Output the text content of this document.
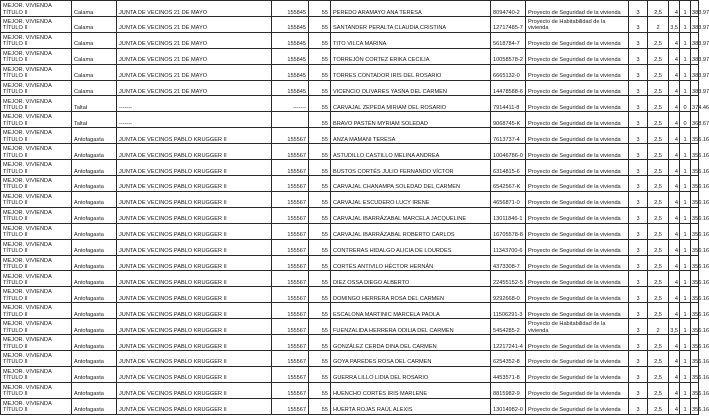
MEJOR. VIVIENDA TÍTULO II	Calama	JUNTA DE VECINOS 21 DE MAYO	155845	55	PEREDO ARAMAYO ANA TERESA	8094740-2	Proyecto de Seguridad de la vivienda	3	2,5	4	1	383.97
MEJOR. VIVIENDA TÍTULO II	Calama	JUNTA DE VECINOS 21 DE MAYO	155845	55	SANTANDER PERALTA CLAUDIA CRISTINA	12717485-7	Proyecto de Habitabilidad de la vivienda	3	2	3,5	1	383.97
MEJOR. VIVIENDA TÍTULO II	Calama	JUNTA DE VECINOS 21 DE MAYO	155845	55	TITO VILCA MARINA	5618784-7	Proyecto de Seguridad de la vivienda	3	2,5	4	1	383.97
MEJOR. VIVIENDA TÍTULO II	Calama	JUNTA DE VECINOS 21 DE MAYO	155845	55	TORREJÓN CORTEZ ERIKA CECILIA	10058578-2	Proyecto de Seguridad de la vivienda	3	2,5	4	1	383.97
MEJOR. VIVIENDA TÍTULO II	Calama	JUNTA DE VECINOS 21 DE MAYO	155845	55	TORRES CONTADOR IRIS DEL ROSARIO	6665132-0	Proyecto de Seguridad de la vivienda	3	2,5	4	1	383.97
MEJOR. VIVIENDA TÍTULO II	Calama	JUNTA DE VECINOS 21 DE MAYO	155845	55	VICENCIO OLIVARES YASNA DEL CARMEN	14478588-6	Proyecto de Seguridad de la vivienda	3	2,5	4	1	383.97
MEJOR. VIVIENDA TÍTULO II	Taltal	-------	-------	55	CARVAJAL ZEPEDA MIRIAM DEL ROSARIO	7914411-8	Proyecto de Seguridad de la vivienda	3	2,5	4	0	374.46
MEJOR. VIVIENDA TÍTULO II	Taltal	-------		55	BRAVO PASTÉN MYRIAM SOLEDAD	9068745-K	Proyecto de Seguridad de la vivienda	3	2,5	4	0	368.67
MEJOR. VIVIENDA TÍTULO II	Antofagasta	JUNTA DE VECINOS PABLO KRUGGER II	155567	55	ANZA MAMANI TERESA	7613737-4	Proyecto de Seguridad de la vivienda	3	2,5	4	1	356.16
MEJOR. VIVIENDA TÍTULO II	Antofagasta	JUNTA DE VECINOS PABLO KRUGGER II	155567	55	ASTUDILLO CASTILLO MELINA ANDREA	10046786-0	Proyecto de Seguridad de la vivienda	3	2,5	4	1	356.16
MEJOR. VIVIENDA TÍTULO II	Antofagasta	JUNTA DE VECINOS PABLO KRUGGER II	155567	55	BUSTOS CORTÉS JULIO FERNANDO VÍCTOR	6314815-6	Proyecto de Seguridad de la vivienda	3	2,5	4	1	356.16
MEJOR. VIVIENDA TÍTULO II	Antofagasta	JUNTA DE VECINOS PABLO KRUGGER II	155567	55	CARVAJAL CHANAMPA SOLEDAD DEL CARMEN	6542567-K	Proyecto de Seguridad de la vivienda	3	2,5	4	1	356.16
MEJOR. VIVIENDA TÍTULO II	Antofagasta	JUNTA DE VECINOS PABLO KRUGGER II	155567	55	CARVAJAL ESCUDERO LUCY IRENE	4656871-0	Proyecto de Seguridad de la vivienda	3	2,5	4	1	356.16
MEJOR. VIVIENDA TÍTULO II	Antofagasta	JUNTA DE VECINOS PABLO KRUGGER II	155567	55	CARVAJAL IBARRÁZABAL MARCELA JACQUELINE	13011846-1	Proyecto de Seguridad de la vivienda	3	2,5	4	1	356.16
MEJOR. VIVIENDA TÍTULO II	Antofagasta	JUNTA DE VECINOS PABLO KRUGGER II	155567	55	CARVAJAL IBARRÁZABAL ROBERTO CARLOS	16705578-8	Proyecto de Seguridad de la vivienda	3	2,5	4	1	356.16
MEJOR. VIVIENDA TÍTULO II	Antofagasta	JUNTA DE VECINOS PABLO KRUGGER II	155567	55	CONTRERAS HIDALGO ALICIA DE LOURDES	11343700-6	Proyecto de Seguridad de la vivienda	3	2,5	4	1	356.16
MEJOR. VIVIENDA TÍTULO II	Antofagasta	JUNTA DE VECINOS PABLO KRUGGER II	155567	55	CORTÉS ANTIVILO HÉCTOR HERNÁN	4373308-7	Proyecto de Seguridad de la vivienda	3	2,5	4	1	356.16
MEJOR. VIVIENDA TÍTULO II	Antofagasta	JUNTA DE VECINOS PABLO KRUGGER II	155567	55	DIEZ OSSA DIEGO ALBERTO	22455152-5	Proyecto de Seguridad de la vivienda	3	2,5	4	1	356.16
MEJOR. VIVIENDA TÍTULO II	Antofagasta	JUNTA DE VECINOS PABLO KRUGGER II	155567	55	DOMINGO HERRERA ROSA DEL CARMEN	9292668-0	Proyecto de Seguridad de la vivienda	3	2,5	4	1	356.16
MEJOR. VIVIENDA TÍTULO II	Antofagasta	JUNTA DE VECINOS PABLO KRUGGER II	155567	55	ESCALONA MARTINIC MARCELA PAOLA	11506291-3	Proyecto de Seguridad de la vivienda	3	2,5	4	1	356.16
MEJOR. VIVIENDA TÍTULO II	Antofagasta	JUNTA DE VECINOS PABLO KRUGGER II	155567	55	FUENZALIDA HERRERA ODILIA DEL CARMEN	5454285-2	Proyecto de Habitabilidad de la vivienda	3	2	3,5	1	356.16
MEJOR. VIVIENDA TÍTULO II	Antofagasta	JUNTA DE VECINOS PABLO KRUGGER II	155567	55	GONZÁLEZ CERDA DINA DEL CARMEN	12217241-4	Proyecto de Seguridad de la vivienda	3	2,5	4	1	356.16
MEJOR. VIVIENDA TÍTULO II	Antofagasta	JUNTA DE VECINOS PABLO KRUGGER II	155567	55	GOYA PAREDES ROSA DEL CARMEN	6254352-8	Proyecto de Seguridad de la vivienda	3	2,5	4	1	356.16
MEJOR. VIVIENDA TÍTULO II	Antofagasta	JUNTA DE VECINOS PABLO KRUGGER II	155567	55	GUERRA LILLO LIDIA DEL ROSARIO	4453571-8	Proyecto de Seguridad de la vivienda	3	2,5	4	1	356.16
MEJOR. VIVIENDA TÍTULO II	Antofagasta	JUNTA DE VECINOS PABLO KRUGGER II	155567	55	HUENCHO CORTÉS IRIS MARLENE	8815982-9	Proyecto de Seguridad de la vivienda	3	2,5	4	1	356.16
MEJOR. VIVIENDA TÍTULO II	Antofagasta	JUNTA DE VECINOS PABLO KRUGGER II	155567	55	HUERTA ROJAS RAÚL ALEXIS	13014982-0	Proyecto de Seguridad de la vivienda	3	2,5	4	1	356.16
